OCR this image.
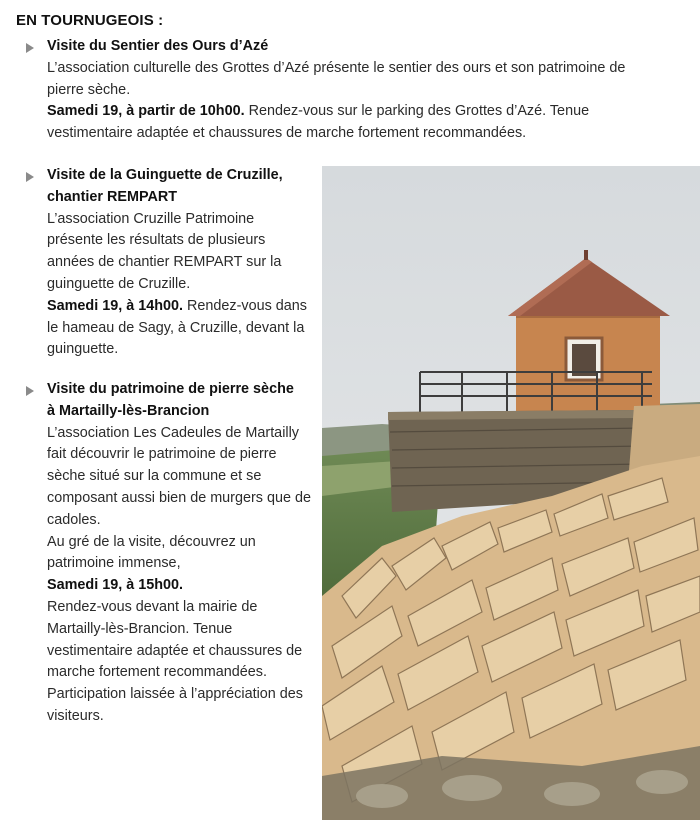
EN TOURNUGEOIS :
Visite du Sentier des Ours d’Azé
L’association culturelle des Grottes d’Azé présente le sentier des ours et son patrimoine de pierre sèche.
Samedi 19, à partir de 10h00. Rendez-vous sur le parking des Grottes d’Azé. Tenue vestimentaire adaptée et chaussures de marche fortement recommandées.
Visite de la Guinguette de Cruzille,
chantier REMPART
L’association Cruzille Patrimoine présente les résultats de plusieurs années de chantier REMPART sur la guinguette de Cruzille.
Samedi 19, à 14h00. Rendez-vous dans le hameau de Sagy, à Cruzille, devant la guinguette.
Visite du patrimoine de pierre sèche
à Martailly-lès-Brancion
L’association Les Cadeules de Martailly fait découvrir le patrimoine de pierre sèche situé sur la commune et se composant aussi bien de murgers que de cadoles.
Au gré de la visite, découvrez un patrimoine immense,
Samedi 19, à 15h00.
Rendez-vous devant la mairie de Martailly-lès-Brancion. Tenue vestimentaire adaptée et chaussures de marche fortement recommandées. Participation laissée à l’appréciation des visiteurs.
